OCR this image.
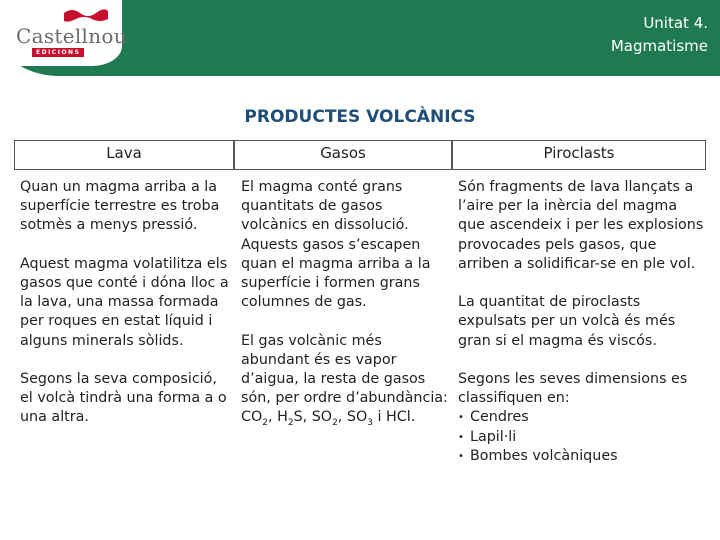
Castellnou
EDICIONS
Unitat 4.
Magmatisme
PRODUCTES VOLCÀNICS
Lava

Quan un magma arriba a la superfície terrestre es troba sotmès a menys pressió.

Aquest magma volatilitza els gasos que conté i dóna lloc a la lava, una massa formada per roques en estat líquid i alguns minerals sòlids.

Segons la seva composició, el volcà tindrà una forma a o una altra.

Gasos

El magma conté grans quantitats de gasos volcànics en dissolució. Aquests gasos s’escapen quan el magma arriba a la superfície i formen grans columnes de gas.

El gas volcànic més abundant és es vapor d’aigua, la resta de gasos són, per ordre d’abundància: $CO_2$, $H_2S$, $SO_2$, $SO_3$ i HCl.

Piroclasts

Són fragments de lava llançats a l’aire per la inèrcia del magma que ascendeix i per les explosions provocades pels gasos, que arriben a solidificar-se en ple vol.

La quantitat de piroclasts expulsats per un volcà és més gran si el magma és viscós.

Segons les seves dimensions es classifiquen en:

• Cendres
• Lapil·li
• Bombes volcàniques
